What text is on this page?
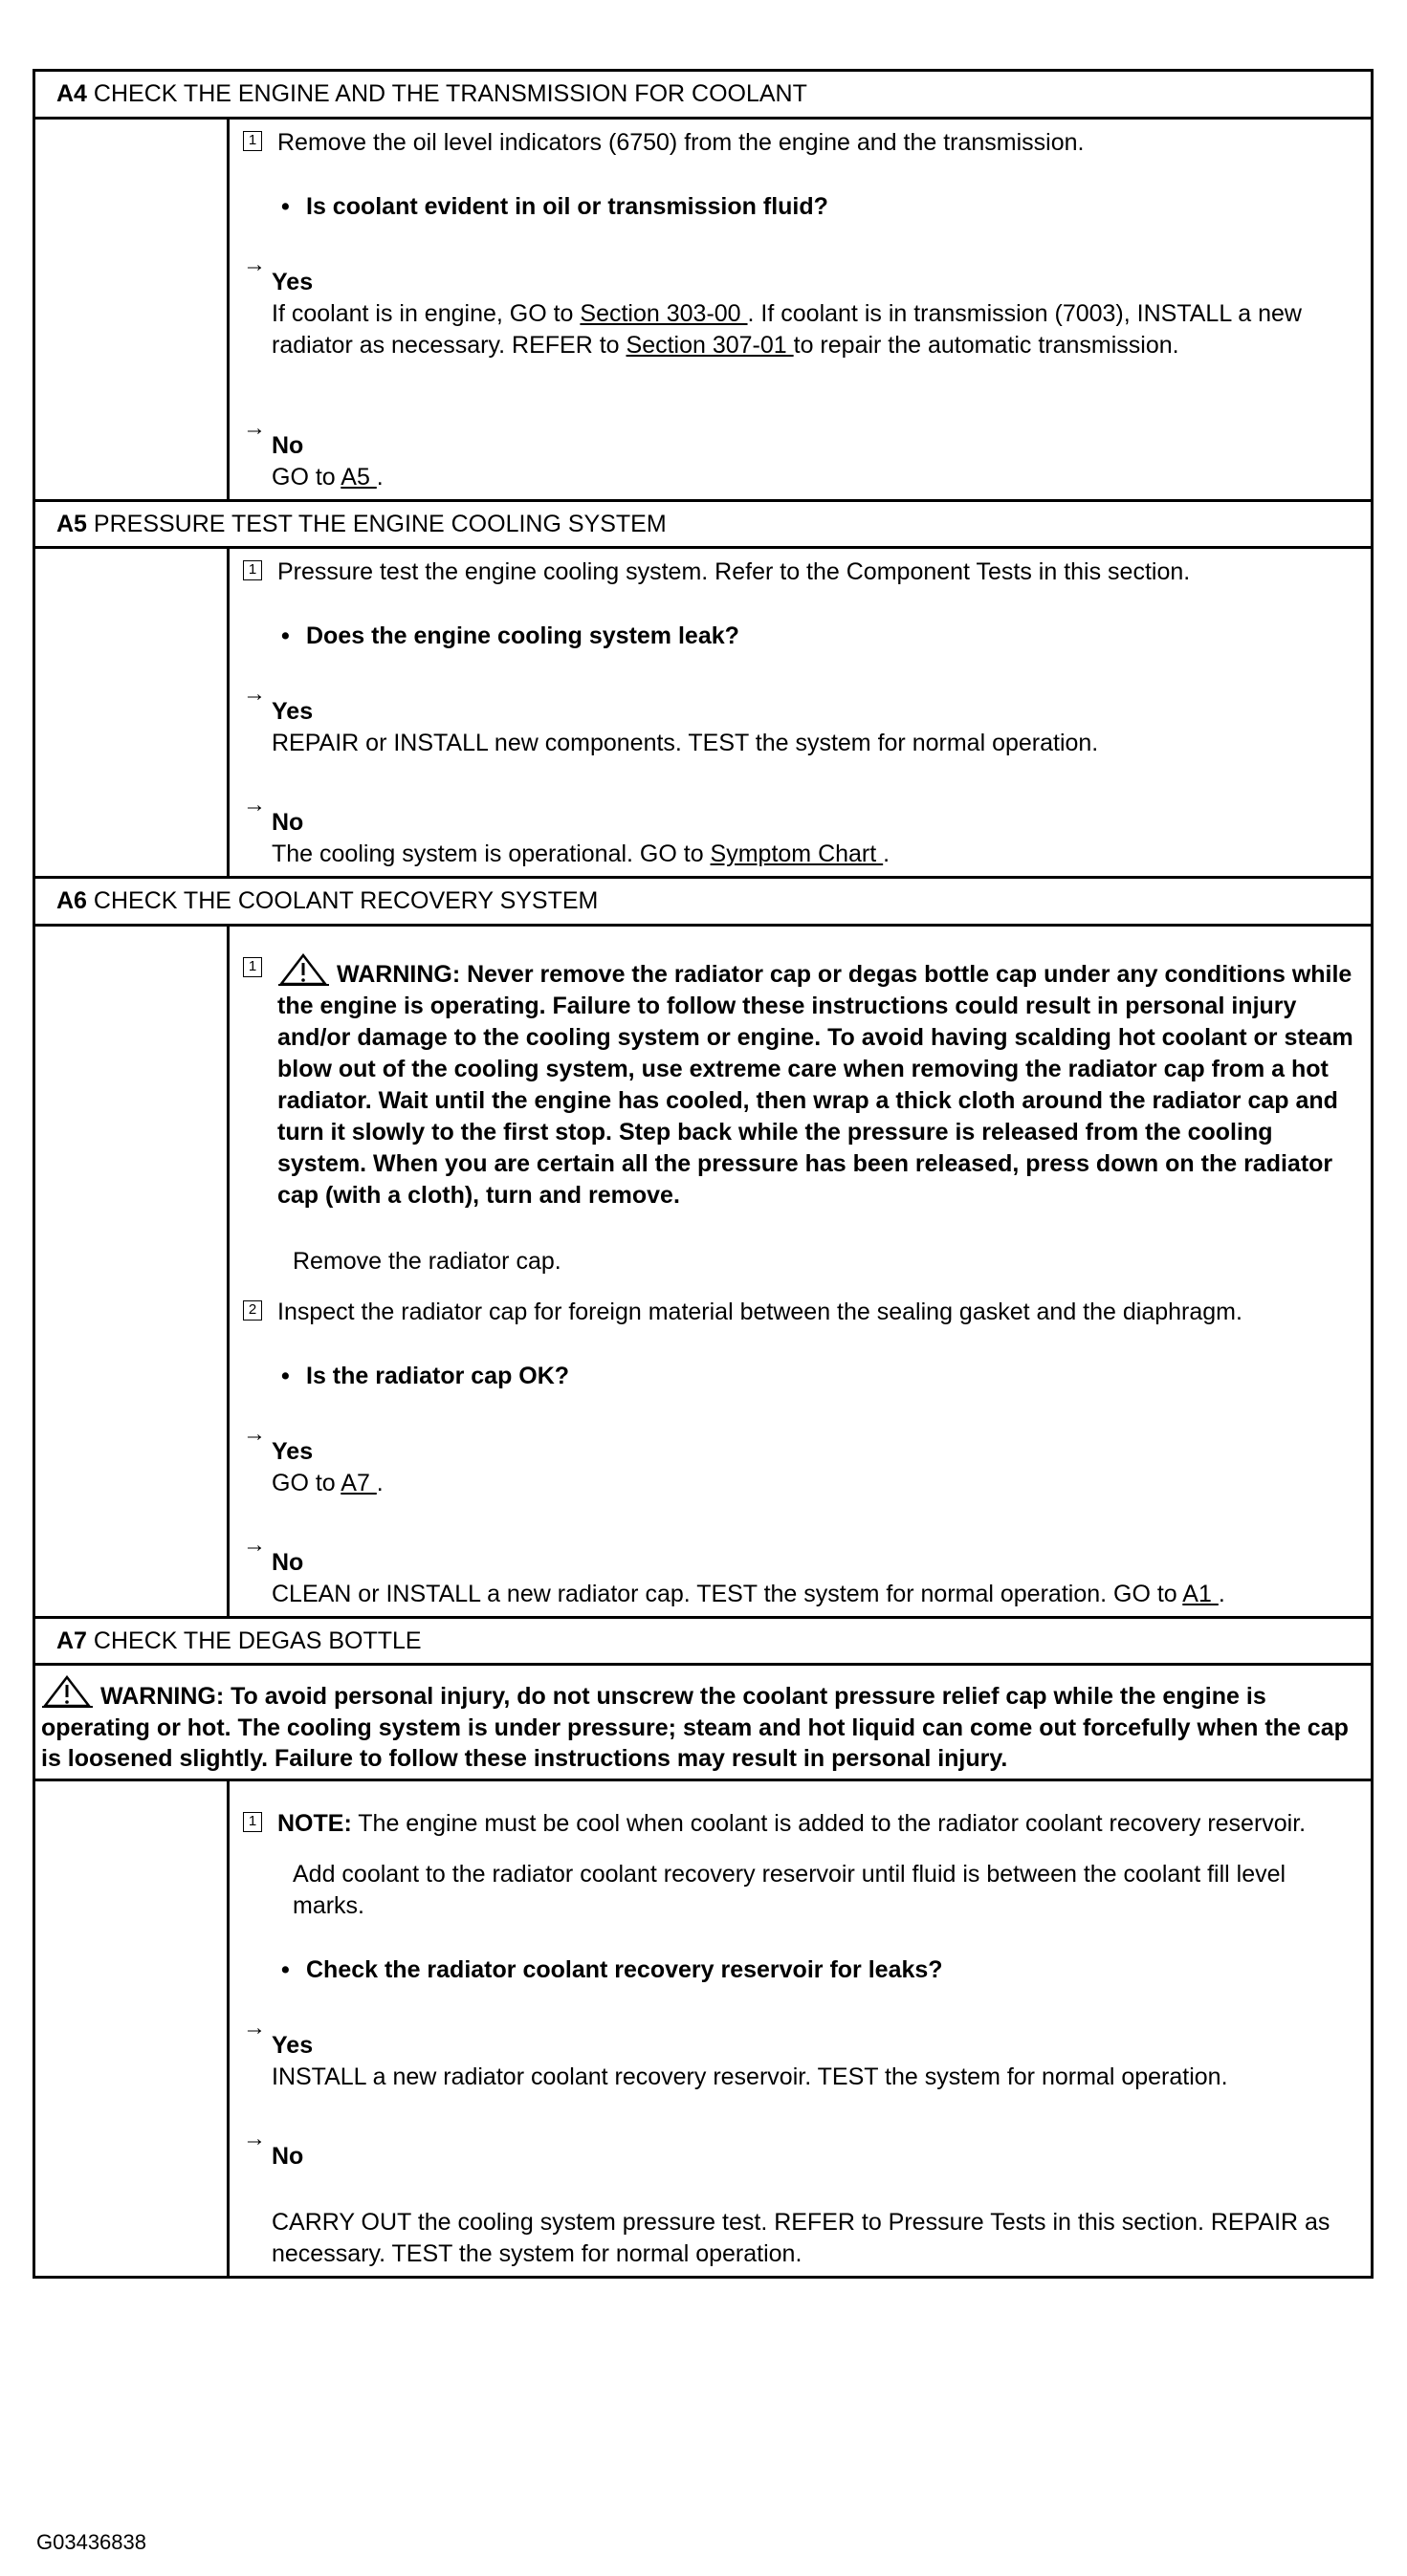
A4 CHECK THE ENGINE AND THE TRANSMISSION FOR COOLANT
1 Remove the oil level indicators (6750) from the engine and the transmission.
• Is coolant evident in oil or transmission fluid?
→
Yes
If coolant is in engine, GO to Section 303-00 . If coolant is in transmission (7003), INSTALL a new radiator as necessary. REFER to Section 307-01 to repair the automatic transmission.
→
No
GO to A5 .
A5 PRESSURE TEST THE ENGINE COOLING SYSTEM
1 Pressure test the engine cooling system. Refer to the Component Tests in this section.
• Does the engine cooling system leak?
→
Yes
REPAIR or INSTALL new components. TEST the system for normal operation.
→
No
The cooling system is operational. GO to Symptom Chart .
A6 CHECK THE COOLANT RECOVERY SYSTEM
1	WARNING: Never remove the radiator cap or degas bottle cap under any conditions while the engine is operating. Failure to follow these instructions could result in personal injury and/or damage to the cooling system or engine. To avoid having scalding hot coolant or steam blow out of the cooling system, use extreme care when removing the radiator cap from a hot radiator. Wait until the engine has cooled, then wrap a thick cloth around the radiator cap and turn it slowly to the first stop. Step back while the pressure is released from the cooling system. When you are certain all the pressure has been released, press down on the radiator cap (with a cloth), turn and remove.
Remove the radiator cap.
2 Inspect the radiator cap for foreign material between the sealing gasket and the diaphragm.
• Is the radiator cap OK?
→
Yes
GO to A7 .
→
No
CLEAN or INSTALL a new radiator cap. TEST the system for normal operation. GO to A1 .
A7 CHECK THE DEGAS BOTTLE
WARNING: To avoid personal injury, do not unscrew the coolant pressure relief cap while the engine is operating or hot. The cooling system is under pressure; steam and hot liquid can come out forcefully when the cap is loosened slightly. Failure to follow these instructions may result in personal injury.
1 NOTE: The engine must be cool when coolant is added to the radiator coolant recovery reservoir.
Add coolant to the radiator coolant recovery reservoir until fluid is between the coolant fill level marks.
• Check the radiator coolant recovery reservoir for leaks?
→
Yes
INSTALL a new radiator coolant recovery reservoir. TEST the system for normal operation.
→
No
CARRY OUT the cooling system pressure test. REFER to Pressure Tests in this section. REPAIR as necessary. TEST the system for normal operation.
G03436838
